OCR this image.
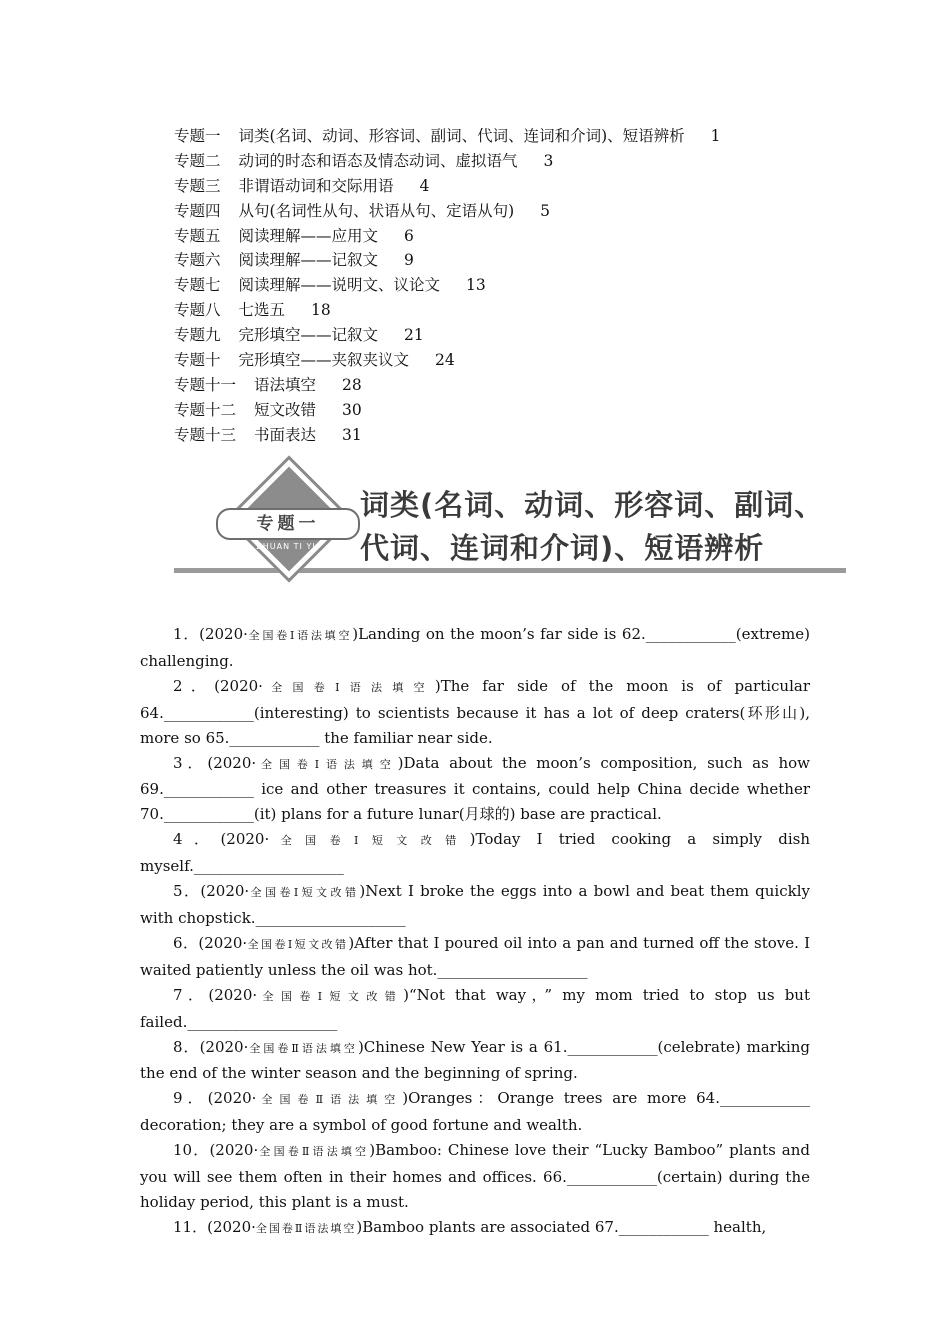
专题一 词类(名词、动词、形容词、副词、代词、连词和介词)、短语辨析 1
专题二 动词的时态和语态及情态动词、虚拟语气 3
专题三 非谓语动词和交际用语 4
专题四 从句(名词性从句、状语从句、定语从句) 5
专题五 阅读理解——应用文 6
专题六 阅读理解——记叙文 9
专题七 阅读理解——说明文、议论文 13
专题八 七选五 18
专题九 完形填空——记叙文 21
专题十 完形填空——夹叙夹议文 24
专题十一 语法填空 28
专题十二 短文改错 30
专题十三 书面表达 31
专题一
ZHUAN TI YI
词类(名词、动词、形容词、副词、
代词、连词和介词)、短语辨析

1．(2020·全国卷Ⅰ语法填空)Landing on the moon’s far side is 62.____________(extreme) challenging.

2．(2020·全国卷Ⅰ语法填空)The far side of the moon is of particular 64.____________(interesting) to scientists because it has a lot of deep craters(环形山), more so 65.____________ the familiar near side.

3．(2020·全国卷Ⅰ语法填空)Data about the moon’s composition, such as how 69.____________ ice and other treasures it contains, could help China decide whether 70.____________(it) plans for a future lunar(月球的) base are practical.

4．(2020·全国卷Ⅰ短文改错)Today I tried cooking a simply dish myself.____________________

5．(2020·全国卷Ⅰ短文改错)Next I broke the eggs into a bowl and beat them quickly with chopstick.____________________

6．(2020·全国卷Ⅰ短文改错)After that I poured oil into a pan and turned off the stove. I waited patiently unless the oil was hot.____________________

7．(2020·全国卷Ⅰ短文改错)“Not that way，” my mom tried to stop us but failed.____________________

8．(2020·全国卷Ⅱ语法填空)Chinese New Year is a 61.____________(celebrate) marking the end of the winter season and the beginning of spring.

9．(2020·全国卷Ⅱ语法填空)Oranges：Orange trees are more 64.____________ decoration; they are a symbol of good fortune and wealth.

10．(2020·全国卷Ⅱ语法填空)Bamboo: Chinese love their “Lucky Bamboo” plants and you will see them often in their homes and offices. 66.____________(certain) during the holiday period, this plant is a must.

11．(2020·全国卷Ⅱ语法填空)Bamboo plants are associated 67.____________ health,
